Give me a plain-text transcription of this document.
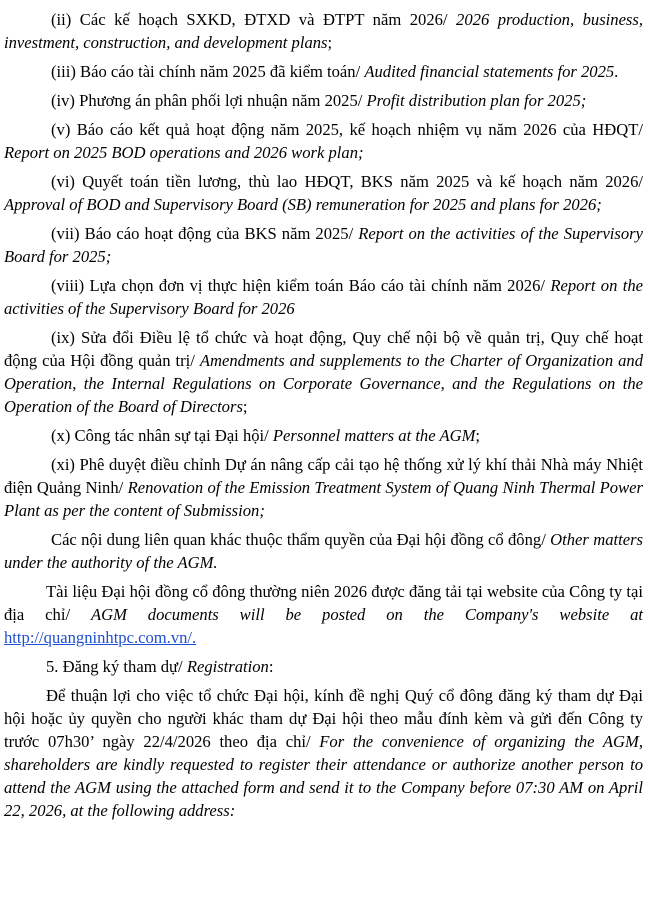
(ii) Các kế hoạch SXKD, ĐTXD và ĐTPT năm 2026/ 2026 production, business, investment, construction, and development plans;

(iii) Báo cáo tài chính năm 2025 đã kiểm toán/ Audited financial statements for 2025.

(iv) Phương án phân phối lợi nhuận năm 2025/ Profit distribution plan for 2025;

(v) Báo cáo kết quả hoạt động năm 2025, kế hoạch nhiệm vụ năm 2026 của HĐQT/ Report on 2025 BOD operations and 2026 work plan;

(vi) Quyết toán tiền lương, thù lao HĐQT, BKS năm 2025 và kế hoạch năm 2026/ Approval of BOD and Supervisory Board (SB) remuneration for 2025 and plans for 2026;

(vii) Báo cáo hoạt động của BKS năm 2025/ Report on the activities of the Supervisory Board for 2025;

(viii) Lựa chọn đơn vị thực hiện kiểm toán Báo cáo tài chính năm 2026/ Report on the activities of the Supervisory Board for 2026

(ix) Sửa đổi Điều lệ tổ chức và hoạt động, Quy chế nội bộ về quản trị, Quy chế hoạt động của Hội đồng quản trị/ Amendments and supplements to the Charter of Organization and Operation, the Internal Regulations on Corporate Governance, and the Regulations on the Operation of the Board of Directors;

(x) Công tác nhân sự tại Đại hội/ Personnel matters at the AGM;

(xi) Phê duyệt điều chỉnh Dự án nâng cấp cải tạo hệ thống xử lý khí thải Nhà máy Nhiệt điện Quảng Ninh/ Renovation of the Emission Treatment System of Quang Ninh Thermal Power Plant as per the content of Submission;

Các nội dung liên quan khác thuộc thẩm quyền của Đại hội đồng cổ đông/ Other matters under the authority of the AGM.

Tài liệu Đại hội đồng cổ đông thường niên 2026 được đăng tải tại website của Công ty tại địa chỉ/ AGM documents will be posted on the Company's website at http://quangninhtpc.com.vn/.

5. Đăng ký tham dự/ Registration:

Để thuận lợi cho việc tổ chức Đại hội, kính đề nghị Quý cổ đông đăng ký tham dự Đại hội hoặc ủy quyền cho người khác tham dự Đại hội theo mẫu đính kèm và gửi đến Công ty trước 07h30’ ngày 22/4/2026 theo địa chỉ/ For the convenience of organizing the AGM, shareholders are kindly requested to register their attendance or authorize another person to attend the AGM using the attached form and send it to the Company before 07:30 AM on April 22, 2026, at the following address:
